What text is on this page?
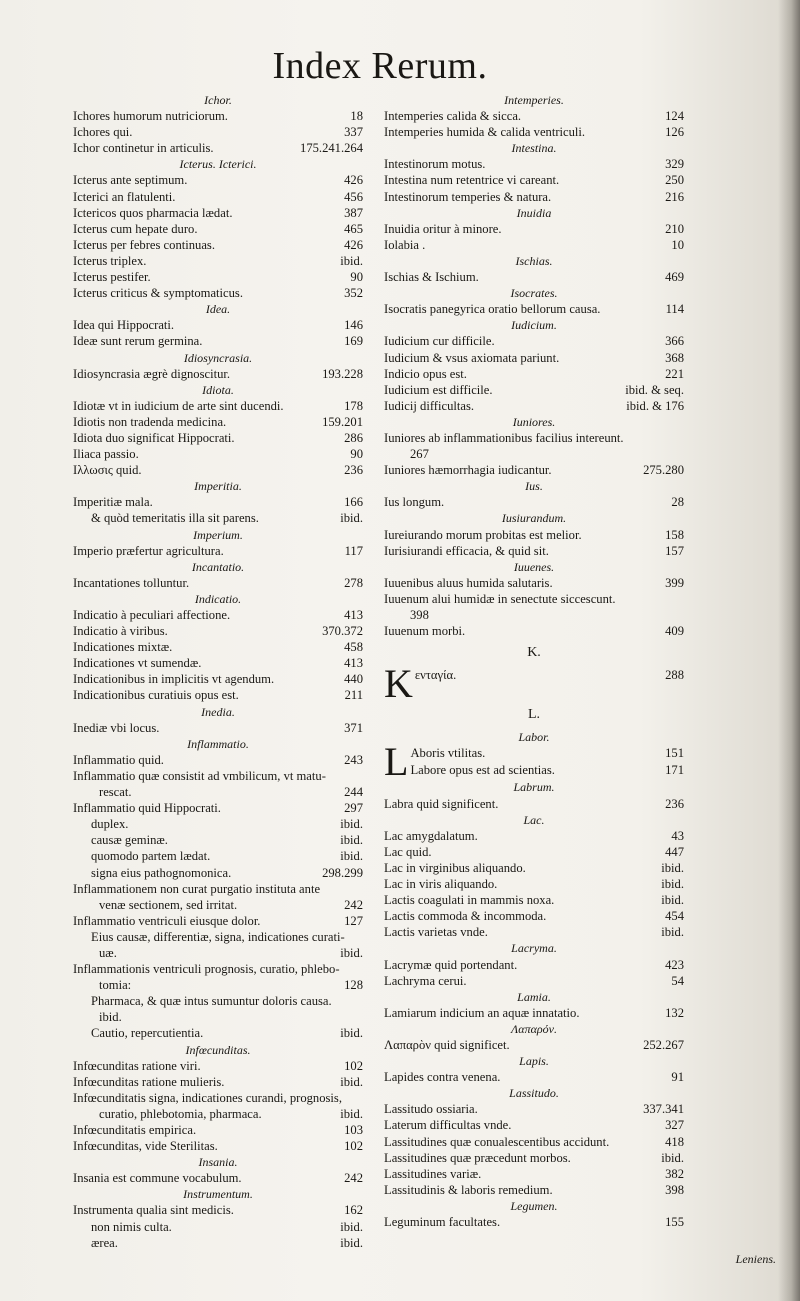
Index Rerum.
Ichor.
Ichores humorum nutriciorum.	18
Ichores qui.	337
Ichor continetur in articulis.	175.241.264
Icterus. Icterici.
Icterus ante septimum.	426
Icterici an flatulenti.	456
Ictericos quos pharmacia lædat.	387
Icterus cum hepate duro.	465
Icterus per febres continuas.	426
Icterus triplex.	ibid.
Icterus pestifer.	90
Icterus criticus & symptomaticus.	352
Idea.
Idea qui Hippocrati.	146
Ideæ sunt rerum germina.	169
Idiosyncrasia.
Idiosyncrasia ægrè dignoscitur.	193.228
Idiota.
Idiotæ vt in iudicium de arte sint ducendi.	178
Idiotis non tradenda medicina.	159.201
Idiota duo significat Hippocrati.	286
Iliaca passio.	90
Ιλλωσις quid.	236
Imperitia.
Imperitiæ mala.	166
& quòd temeritatis illa sit parens.	ibid.
Imperium.
Imperio præfertur agricultura.	117
Incantatio.
Incantationes tolluntur.	278
Indicatio.
Indicatio à peculiari affectione.	413
Indicatio à viribus.	370.372
Indicationes mixtæ.	458
Indicationes vt sumendæ.	413
Indicationibus in implicitis vt agendum.	440
Indicationibus curatiuis opus est.	211
Inedia.
Inediæ vbi locus.	371
Inflammatio.
Inflammatio quid.	243
Inflammatio quæ consistit ad vmbilicum, vt matu-
rescat.	244
Inflammatio quid Hippocrati.	297
duplex.	ibid.
causæ geminæ.	ibid.
quomodo partem lædat.	ibid.
signa eius pathognomonica.	298.299
Inflammationem non curat purgatio instituta ante
venæ sectionem, sed irritat.	242
Inflammatio ventriculi eiusque dolor.	127
Eius causæ, differentiæ, signa, indicationes curati-
uæ.	ibid.
Inflammationis ventriculi prognosis, curatio, phlebo-
tomia:	128
Pharmaca, & quæ intus sumuntur doloris causa.
ibid.
Cautio, repercutientia.	ibid.
Infœcunditas.
Infœcunditas ratione viri.	102
Infœcunditas ratione mulieris.	ibid.
Infœcunditatis signa, indicationes curandi, prognosis,
curatio, phlebotomia, pharmaca.	ibid.
Infœcunditatis empirica.	103
Infœcunditas, vide Sterilitas.	102
Insania.
Insania est commune vocabulum.	242
Instrumentum.
Instrumenta qualia sint medicis.	162
non nimis culta.	ibid.
ærea.	ibid.
Intemperies.
Intemperies calida & sicca.	124
Intemperies humida & calida ventriculi.	126
Intestina.
Intestinorum motus.	329
Intestina num retentrice vi careant.	250
Intestinorum temperies & natura.	216
Inuidia
Inuidia oritur à minore.	210
Iolabia .	10
Ischias.
Ischias & Ischium.	469
Isocrates.
Isocratis panegyrica oratio bellorum causa.	114
Iudicium.
Iudicium cur difficile.	366
Iudicium & vsus axiomata pariunt.	368
Indicio opus est.	221
Iudicium est difficile.	ibid. & seq.
Iudicij difficultas.	ibid. & 176
Iuniores.
Iuniores ab inflammationibus facilius intereunt.
267
Iuniores hæmorrhagia iudicantur.	275.280
Ius.
Ius longum.	28
Iusiurandum.
Iureiurando morum probitas est melior.	158
Iurisiurandi efficacia, & quid sit.	157
Iuuenes.
Iuuenibus aluus humida salutaris.	399
Iuuenum alui humidæ in senectute siccescunt.
398
Iuuenum morbi.	409
K.
K ενταγία.	288
L.
Labor.
L Aboris vtilitas.	151
Labore opus est ad scientias.	171
Labrum.
Labra quid significent.	236
Lac.
Lac amygdalatum.	43
Lac quid.	447
Lac in virginibus aliquando.	ibid.
Lac in viris aliquando.	ibid.
Lactis coagulati in mammis noxa.	ibid.
Lactis commoda & incommoda.	454
Lactis varietas vnde.	ibid.
Lacryma.
Lacrymæ quid portendant.	423
Lachryma cerui.	54
Lamia.
Lamiarum indicium an aquæ innatatio.	132
Λαπαρόν.
Λαπαρὸν quid significet.	252.267
Lapis.
Lapides contra venena.	91
Lassitudo.
Lassitudo ossiaria.	337.341
Laterum difficultas vnde.	327
Lassitudines quæ conualescentibus accidunt.	418
Lassitudines quæ præcedunt morbos.	ibid.
Lassitudines variæ.	382
Lassitudinis & laboris remedium.	398
Legumen.
Leguminum facultates.	155
Leniens.
